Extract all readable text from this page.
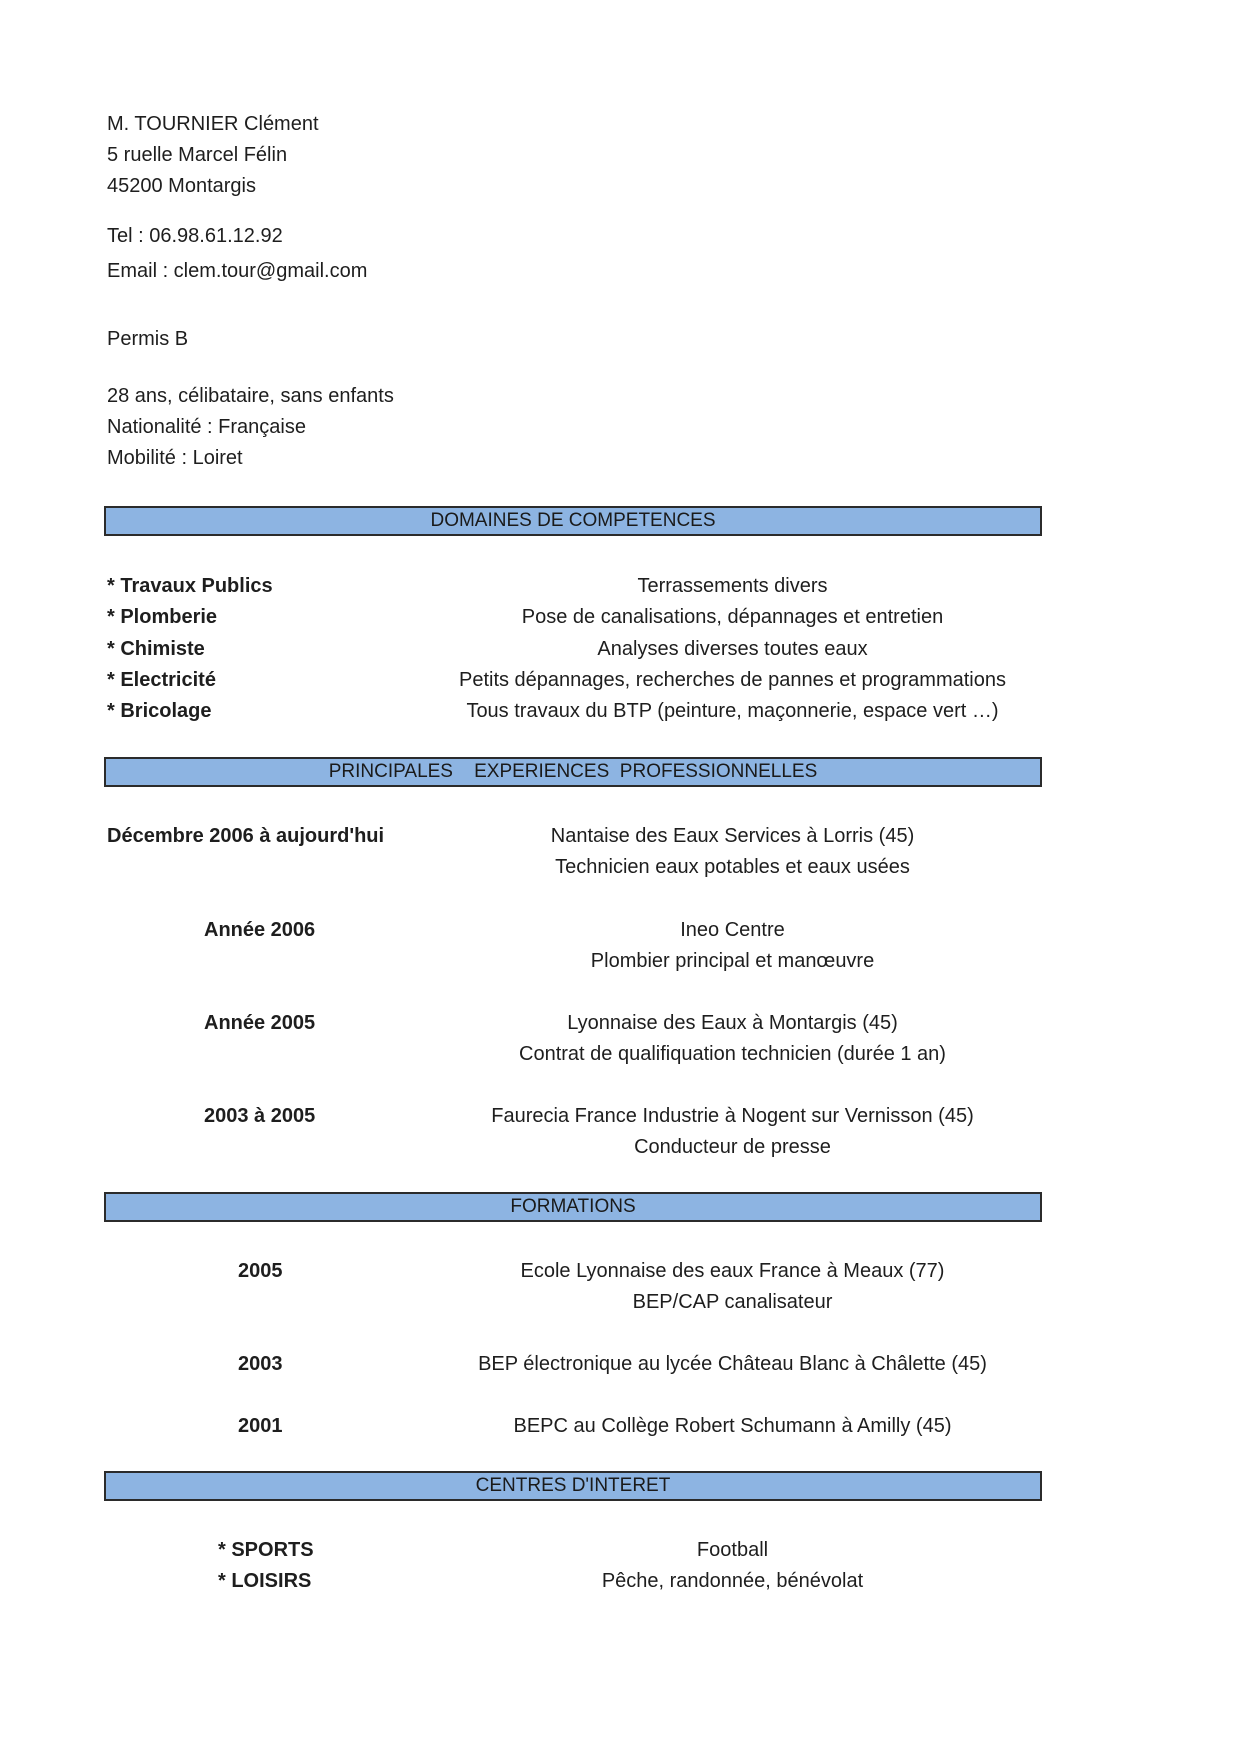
M. TOURNIER Clément
5 ruelle Marcel Félin
45200 Montargis
Tel : 06.98.61.12.92
Email : clem.tour@gmail.com
Permis B
28 ans, célibataire, sans enfants
Nationalité : Française
Mobilité : Loiret
DOMAINES DE COMPETENCES
* Travaux Publics	Terrassements divers
* Plomberie	Pose de canalisations, dépannages et entretien
* Chimiste	Analyses diverses toutes eaux
* Electricité	Petits dépannages, recherches de pannes et programmations
* Bricolage	Tous travaux du BTP (peinture, maçonnerie, espace vert …)
PRINCIPALES    EXPERIENCES  PROFESSIONNELLES
Décembre 2006 à aujourd'hui	Nantaise des Eaux Services à Lorris (45)
Technicien eaux potables et eaux usées
Année 2006	Ineo Centre
Plombier principal et manœuvre
Année 2005	Lyonnaise des Eaux à Montargis (45)
Contrat de qualifiquation technicien (durée 1 an)
2003 à 2005	Faurecia France Industrie à Nogent sur Vernisson (45)
Conducteur de presse
FORMATIONS
2005	Ecole Lyonnaise des eaux France à Meaux (77)
BEP/CAP canalisateur
2003	BEP électronique au lycée Château Blanc à Châlette (45)
2001	BEPC au Collège Robert Schumann à Amilly (45)
CENTRES D'INTERET
* SPORTS	Football
* LOISIRS	Pêche, randonnée, bénévolat
